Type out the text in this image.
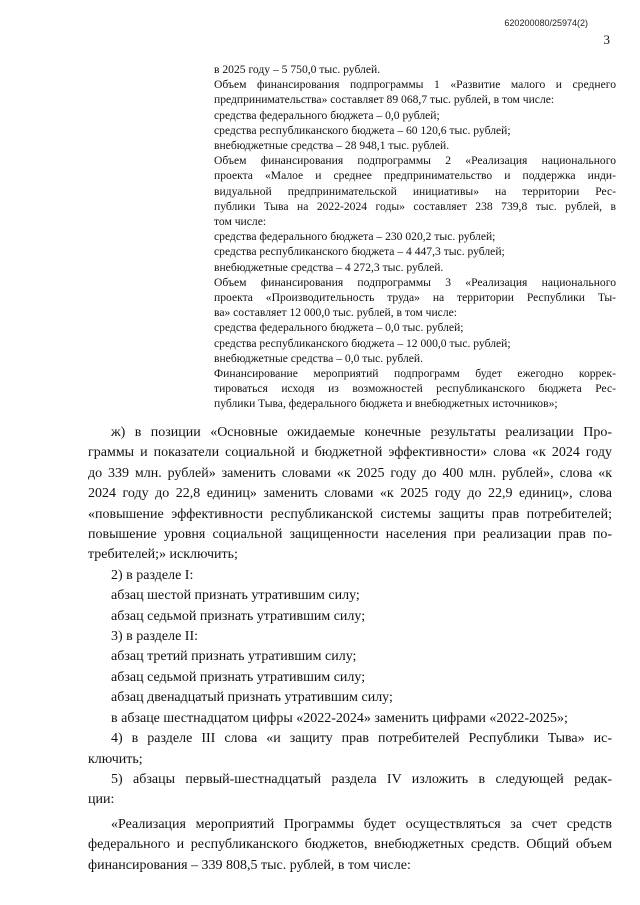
620200080/25974(2)
3
в 2025 году – 5 750,0 тыс. рублей.
Объем финансирования подпрограммы 1 «Развитие малого и среднего
предпринимательства» составляет 89 068,7 тыс. рублей, в том числе:
средства федерального бюджета – 0,0 рублей;
средства республиканского бюджета – 60 120,6 тыс. рублей;
внебюджетные средства – 28 948,1 тыс. рублей.
Объем финансирования подпрограммы 2 «Реализация национального
проекта «Малое и среднее предпринимательство и поддержка инди-
видуальной предпринимательской инициативы» на территории Рес-
публики Тыва на 2022-2024 годы» составляет 238 739,8 тыс. рублей, в
том числе:
средства федерального бюджета – 230 020,2 тыс. рублей;
средства республиканского бюджета – 4 447,3 тыс. рублей;
внебюджетные средства – 4 272,3 тыс. рублей.
Объем финансирования подпрограммы 3 «Реализация национального
проекта «Производительность труда» на территории Республики Ты-
ва» составляет 12 000,0 тыс. рублей, в том числе:
средства федерального бюджета – 0,0 тыс. рублей;
средства республиканского бюджета – 12 000,0 тыс. рублей;
внебюджетные средства – 0,0 тыс. рублей.
Финансирование мероприятий подпрограмм будет ежегодно коррек-
тироваться исходя из возможностей республиканского бюджета Рес-
публики Тыва, федерального бюджета и внебюджетных источников»;
ж) в позиции «Основные ожидаемые конечные результаты реализации Про-
граммы и показатели социальной и бюджетной эффективности» слова «к 2024 году
до 339 млн. рублей» заменить словами «к 2025 году до 400 млн. рублей», слова «к
2024 году до 22,8 единиц» заменить словами «к 2025 году до 22,9 единиц», слова
«повышение эффективности республиканской системы защиты прав потребителей;
повышение уровня социальной защищенности населения при реализации прав по-
требителей;» исключить;
2) в разделе I:
абзац шестой признать утратившим силу;
абзац седьмой признать утратившим силу;
3) в разделе II:
абзац третий признать утратившим силу;
абзац седьмой признать утратившим силу;
абзац двенадцатый признать утратившим силу;
в абзаце шестнадцатом цифры «2022-2024» заменить цифрами «2022-2025»;
4) в разделе III слова «и защиту прав потребителей Республики Тыва» ис-
ключить;
5) абзацы первый-шестнадцатый раздела IV изложить в следующей редак-
ции:
«Реализация мероприятий Программы будет осуществляться за счет средств
федерального и республиканского бюджетов, внебюджетных средств. Общий объем
финансирования – 339 808,5 тыс. рублей, в том числе:
